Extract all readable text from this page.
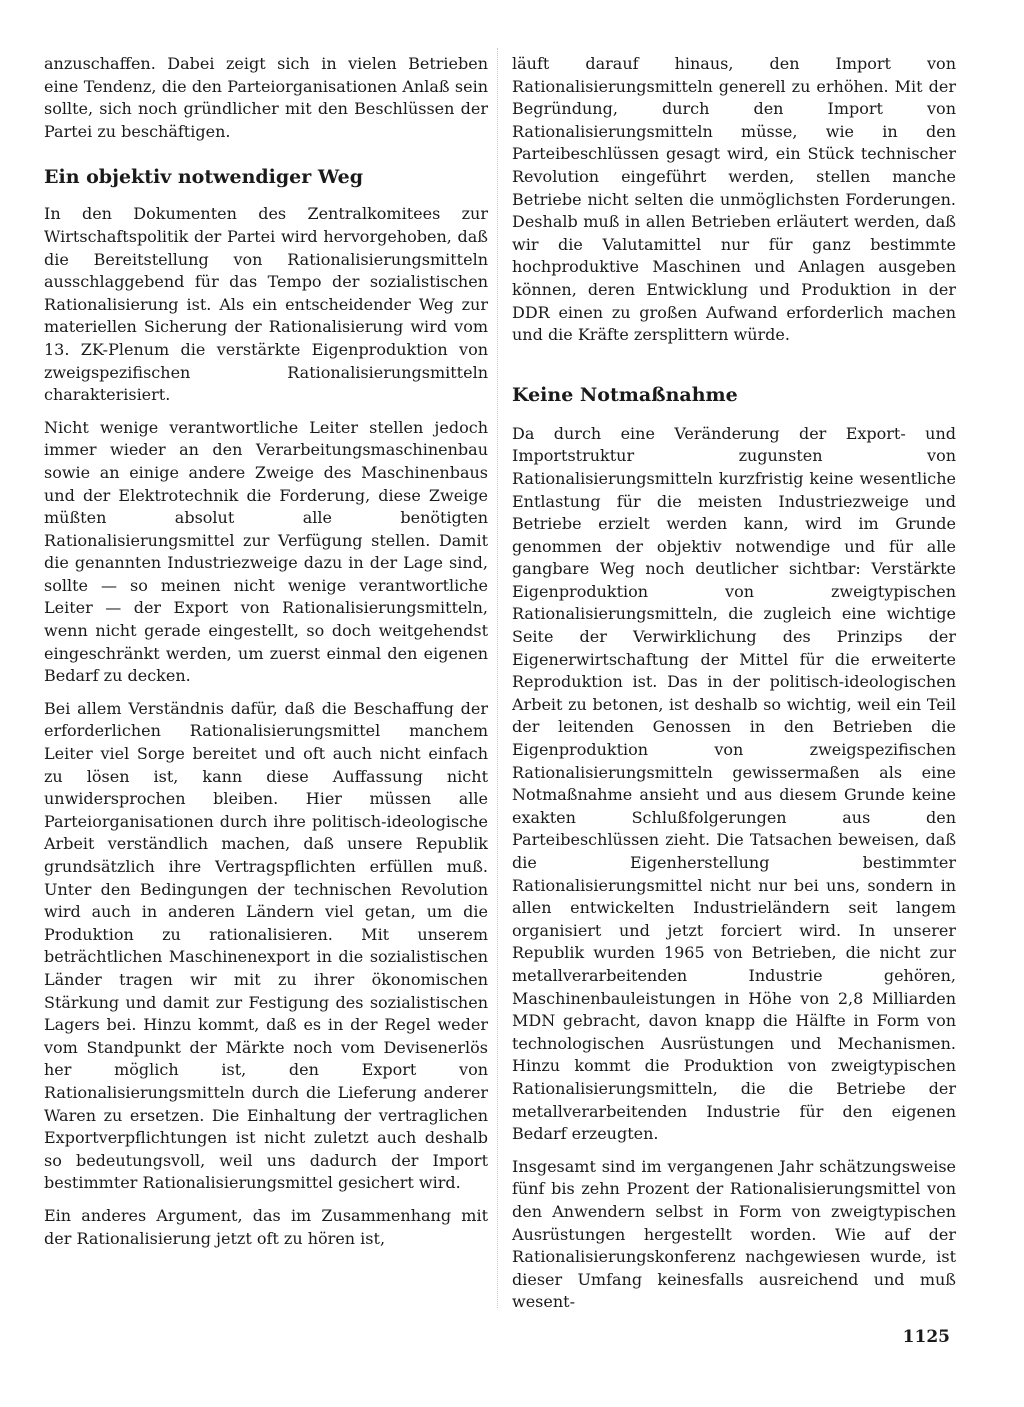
anzuschaffen. Dabei zeigt sich in vielen Betrieben eine Tendenz, die den Parteiorganisationen Anlaß sein sollte, sich noch gründlicher mit den Beschlüssen der Partei zu beschäftigen.

Ein objektiv notwendiger Weg

In den Dokumenten des Zentralkomitees zur Wirtschaftspolitik der Partei wird hervorgehoben, daß die Bereitstellung von Rationalisierungsmitteln ausschlaggebend für das Tempo der sozialistischen Rationalisierung ist. Als ein entscheidender Weg zur materiellen Sicherung der Rationalisierung wird vom 13. ZK-Plenum die verstärkte Eigenproduktion von zweigspezifischen Rationalisierungsmitteln charakterisiert.

Nicht wenige verantwortliche Leiter stellen jedoch immer wieder an den Verarbeitungsmaschinenbau sowie an einige andere Zweige des Maschinenbaus und der Elektrotechnik die Forderung, diese Zweige müßten absolut alle benötigten Rationalisierungsmittel zur Verfügung stellen. Damit die genannten Industriezweige dazu in der Lage sind, sollte — so meinen nicht wenige verantwortliche Leiter — der Export von Rationalisierungsmitteln, wenn nicht gerade eingestellt, so doch weitgehendst eingeschränkt werden, um zuerst einmal den eigenen Bedarf zu decken.

Bei allem Verständnis dafür, daß die Beschaffung der erforderlichen Rationalisierungsmittel manchem Leiter viel Sorge bereitet und oft auch nicht einfach zu lösen ist, kann diese Auffassung nicht unwidersprochen bleiben. Hier müssen alle Parteiorganisationen durch ihre politisch-ideologische Arbeit verständlich machen, daß unsere Republik grundsätzlich ihre Vertragspflichten erfüllen muß. Unter den Bedingungen der technischen Revolution wird auch in anderen Ländern viel getan, um die Produktion zu rationalisieren. Mit unserem beträchtlichen Maschinenexport in die sozialistischen Länder tragen wir mit zu ihrer ökonomischen Stärkung und damit zur Festigung des sozialistischen Lagers bei. Hinzu kommt, daß es in der Regel weder vom Standpunkt der Märkte noch vom Devisenerlös her möglich ist, den Export von Rationalisierungsmitteln durch die Lieferung anderer Waren zu ersetzen. Die Einhaltung der vertraglichen Exportverpflichtungen ist nicht zuletzt auch deshalb so bedeutungsvoll, weil uns dadurch der Import bestimmter Rationalisierungsmittel gesichert wird.

Ein anderes Argument, das im Zusammenhang mit der Rationalisierung jetzt oft zu hören ist,

läuft darauf hinaus, den Import von Rationalisierungsmitteln generell zu erhöhen. Mit der Begründung, durch den Import von Rationalisierungsmitteln müsse, wie in den Parteibeschlüssen gesagt wird, ein Stück technischer Revolution eingeführt werden, stellen manche Betriebe nicht selten die unmöglichsten Forderungen. Deshalb muß in allen Betrieben erläutert werden, daß wir die Valutamittel nur für ganz bestimmte hochproduktive Maschinen und Anlagen ausgeben können, deren Entwicklung und Produktion in der DDR einen zu großen Aufwand erforderlich machen und die Kräfte zersplittern würde.

Keine Notmaßnahme

Da durch eine Veränderung der Export- und Importstruktur zugunsten von Rationalisierungsmitteln kurzfristig keine wesentliche Entlastung für die meisten Industriezweige und Betriebe erzielt werden kann, wird im Grunde genommen der objektiv notwendige und für alle gangbare Weg noch deutlicher sichtbar: Verstärkte Eigenproduktion von zweigtypischen Rationalisierungsmitteln, die zugleich eine wichtige Seite der Verwirklichung des Prinzips der Eigenerwirtschaftung der Mittel für die erweiterte Reproduktion ist. Das in der politisch-ideologischen Arbeit zu betonen, ist deshalb so wichtig, weil ein Teil der leitenden Genossen in den Betrieben die Eigenproduktion von zweigspezifischen Rationalisierungsmitteln gewissermaßen als eine Notmaßnahme ansieht und aus diesem Grunde keine exakten Schlußfolgerungen aus den Parteibeschlüssen zieht. Die Tatsachen beweisen, daß die Eigenherstellung bestimmter Rationalisierungsmittel nicht nur bei uns, sondern in allen entwickelten Industrieländern seit langem organisiert und jetzt forciert wird. In unserer Republik wurden 1965 von Betrieben, die nicht zur metallverarbeitenden Industrie gehören, Maschinenbauleistungen in Höhe von 2,8 Milliarden MDN gebracht, davon knapp die Hälfte in Form von technologischen Ausrüstungen und Mechanismen. Hinzu kommt die Produktion von zweigtypischen Rationalisierungsmitteln, die die Betriebe der metallverarbeitenden Industrie für den eigenen Bedarf erzeugten.

Insgesamt sind im vergangenen Jahr schätzungsweise fünf bis zehn Prozent der Rationalisierungsmittel von den Anwendern selbst in Form von zweigtypischen Ausrüstungen hergestellt worden. Wie auf der Rationalisierungskonferenz nachgewiesen wurde, ist dieser Umfang keinesfalls ausreichend und muß wesent-

1125
